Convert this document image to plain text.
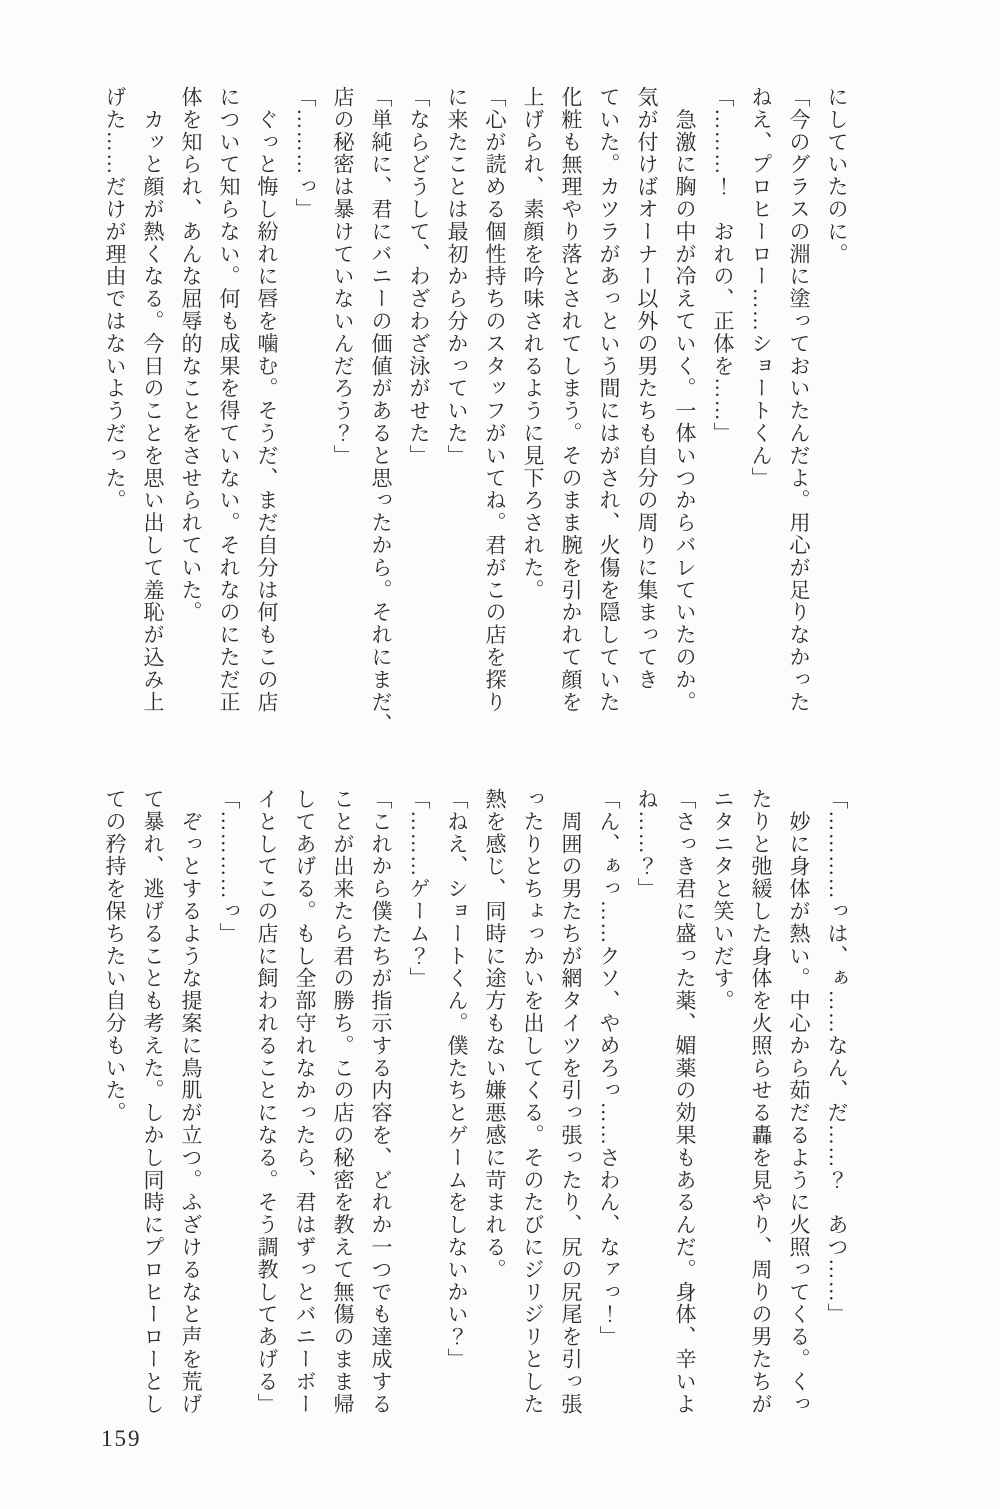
にしていたのに。
「今のグラスの淵に塗っておいたんだよ。用心が足りなかった
ねえ、プロヒーロー……ショートくん」
「………！　おれの、正体を……」
　急激に胸の中が冷えていく。一体いつからバレていたのか。
気が付けばオーナー以外の男たちも自分の周りに集まってき
ていた。カツラがあっという間にはがされ、火傷を隠していた
化粧も無理やり落とされてしまう。そのまま腕を引かれて顔を
上げられ、素顔を吟味されるように見下ろされた。
「心が読める個性持ちのスタッフがいてね。君がこの店を探り
に来たことは最初から分かっていた」
「ならどうして、わざわざ泳がせた」
「単純に、君にバニーの価値があると思ったから。それにまだ、
店の秘密は暴けていないんだろう？」
「………っ」
　ぐっと悔し紛れに唇を噛む。そうだ、まだ自分は何もこの店
について知らない。何も成果を得ていない。それなのにただ正
体を知られ、あんな屈辱的なことをさせられていた。
　カッと顔が熱くなる。今日のことを思い出して羞恥が込み上
げた……だけが理由ではないようだった。
「…………っは、ぁ……なん、だ……？　あつ……」
　妙に身体が熱い。中心から茹だるように火照ってくる。くっ
たりと弛緩した身体を火照らせる轟を見やり、周りの男たちが
ニタニタと笑いだす。
「さっき君に盛った薬、媚薬の効果もあるんだ。身体、辛いよ
ね……？」
「ん、ぁっ……クソ、やめろっ……さわん、なァっ！」
　周囲の男たちが網タイツを引っ張ったり、尻の尻尾を引っ張
ったりとちょっかいを出してくる。そのたびにジリジリとした
熱を感じ、同時に途方もない嫌悪感に苛まれる。
「ねえ、ショートくん。僕たちとゲームをしないかい？」
「………ゲーム？」
「これから僕たちが指示する内容を、どれか一つでも達成する
ことが出来たら君の勝ち。この店の秘密を教えて無傷のまま帰
してあげる。もし全部守れなかったら、君はずっとバニーボー
イとしてこの店に飼われることになる。そう調教してあげる」
「…………っ」
　ぞっとするような提案に鳥肌が立つ。ふざけるなと声を荒げ
て暴れ、逃げることも考えた。しかし同時にプロヒーローとし
ての矜持を保ちたい自分もいた。
159
